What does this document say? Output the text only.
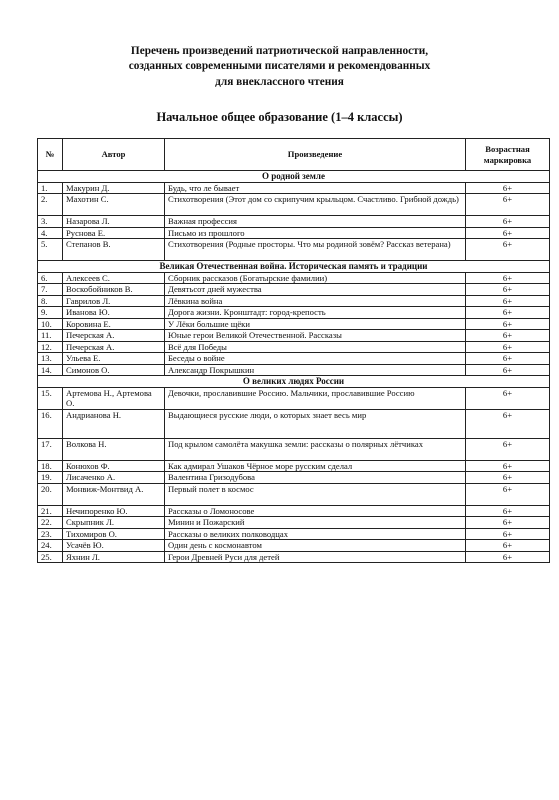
Перечень произведений патриотической направленности,
созданных современными писателями и рекомендованных
для внеклассного чтения
Начальное общее образование (1–4 классы)
№	Автор	Произведение	Возрастная маркировка
О родной земле			
1.	Макурин Д.	Будь, что ле бывает	6+
2.	Махотин С.	Стихотворения (Этот дом со скрипучим крыльцом. Счастливо. Грибной дождь)	6+
3.	Назарова Л.	Важная профессия	6+
4.	Руснова Е.	Письмо из прошлого	6+
5.	Степанов В.	Стихотворения (Родные просторы. Что мы родиной зовём? Рассказ ветерана)	6+
Великая Отечественная война. Историческая память и традиции			
6.	Алексеев С.	Сборник рассказов (Богатырские фамилии)	6+
7.	Воскобойников В.	Девятьсот дней мужества	6+
8.	Гаврилов Л.	Лёвкина война	6+
9.	Иванова Ю.	Дорога жизни. Кронштадт: город-крепость	6+
10.	Коровина Е.	У Лёки большие щёки	6+
11.	Печерская А.	Юные герои Великой Отечественной. Рассказы	6+
12.	Печерская А.	Всё для Победы	6+
13.	Ульева Е.	Беседы о войне	6+
14.	Симонов О.	Александр Покрышкин	6+
О великих людях России			
15.	Артемова Н., Артемова О.	Девочки, прославившие Россию. Мальчики, прославившие Россию	6+
16.	Андрианова Н.	Выдающиеся русские люди, о которых знает весь мир	6+
17.	Волкова Н.	Под крылом самолёта макушка земли: рассказы о полярных лётчиках	6+
18.	Конюхов Ф.	Как адмирал Ушаков Чёрное море русским сделал	6+
19.	Лисаченко А.	Валентина Гризодубова	6+
20.	Монвиж-Монтвид А.	Первый полет в космос	6+
21.	Нечипоренко Ю.	Рассказы о Ломоносове	6+
22.	Скрыпник Л.	Минин и Пожарский	6+
23.	Тихомиров О.	Рассказы о великих полководцах	6+
24.	Усачёв Ю.	Один день с космонавтом	6+
25.	Яхнин Л.	Герои Древней Руси для детей	6+
